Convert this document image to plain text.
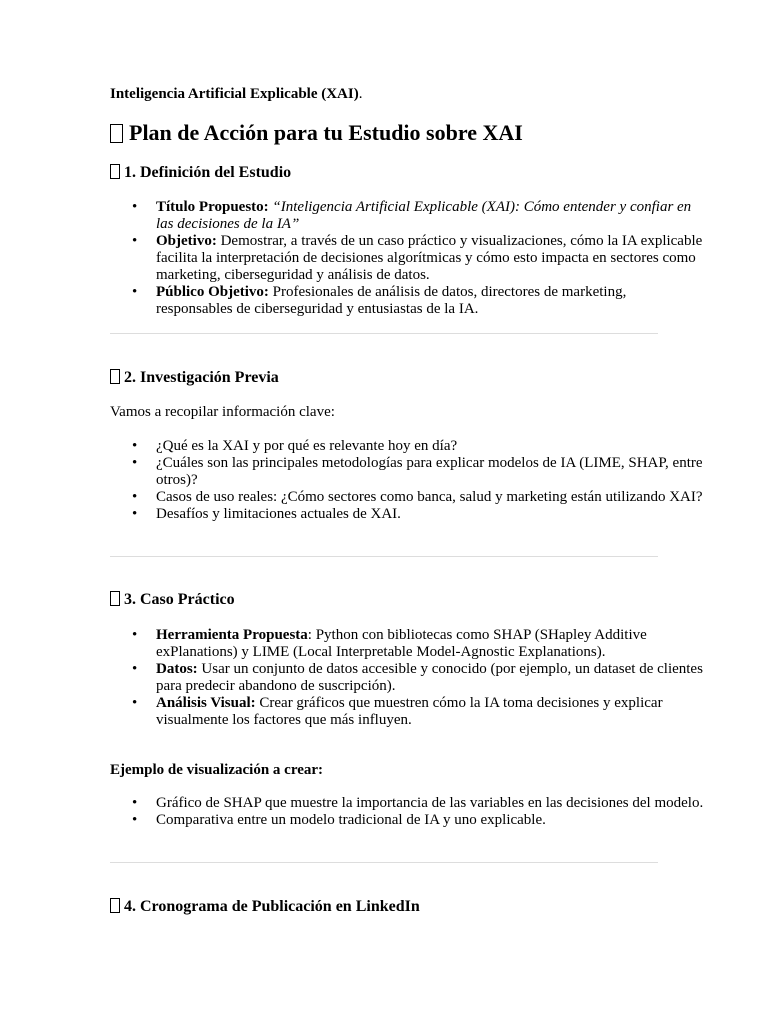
Inteligencia Artificial Explicable (XAI).

Plan de Acción para tu Estudio sobre XAI
1. Definición del Estudio
• Título Propuesto: “Inteligencia Artificial Explicable (XAI): Cómo entender y confiar en las decisiones de la IA”
• Objetivo: Demostrar, a través de un caso práctico y visualizaciones, cómo la IA explicable facilita la interpretación de decisiones algorítmicas y cómo esto impacta en sectores como marketing, ciberseguridad y análisis de datos.
• Público Objetivo: Profesionales de análisis de datos, directores de marketing, responsables de ciberseguridad y entusiastas de la IA.
2. Investigación Previa

Vamos a recopilar información clave:

• ¿Qué es la XAI y por qué es relevante hoy en día?
• ¿Cuáles son las principales metodologías para explicar modelos de IA (LIME, SHAP, entre otros)?
• Casos de uso reales: ¿Cómo sectores como banca, salud y marketing están utilizando XAI?
• Desafíos y limitaciones actuales de XAI.
3. Caso Práctico
• Herramienta Propuesta: Python con bibliotecas como SHAP (SHapley Additive exPlanations) y LIME (Local Interpretable Model-Agnostic Explanations).
• Datos: Usar un conjunto de datos accesible y conocido (por ejemplo, un dataset de clientes para predecir abandono de suscripción).
• Análisis Visual: Crear gráficos que muestren cómo la IA toma decisiones y explicar visualmente los factores que más influyen.

Ejemplo de visualización a crear:

• Gráfico de SHAP que muestre la importancia de las variables en las decisiones del modelo.
• Comparativa entre un modelo tradicional de IA y uno explicable.
4. Cronograma de Publicación en LinkedIn
